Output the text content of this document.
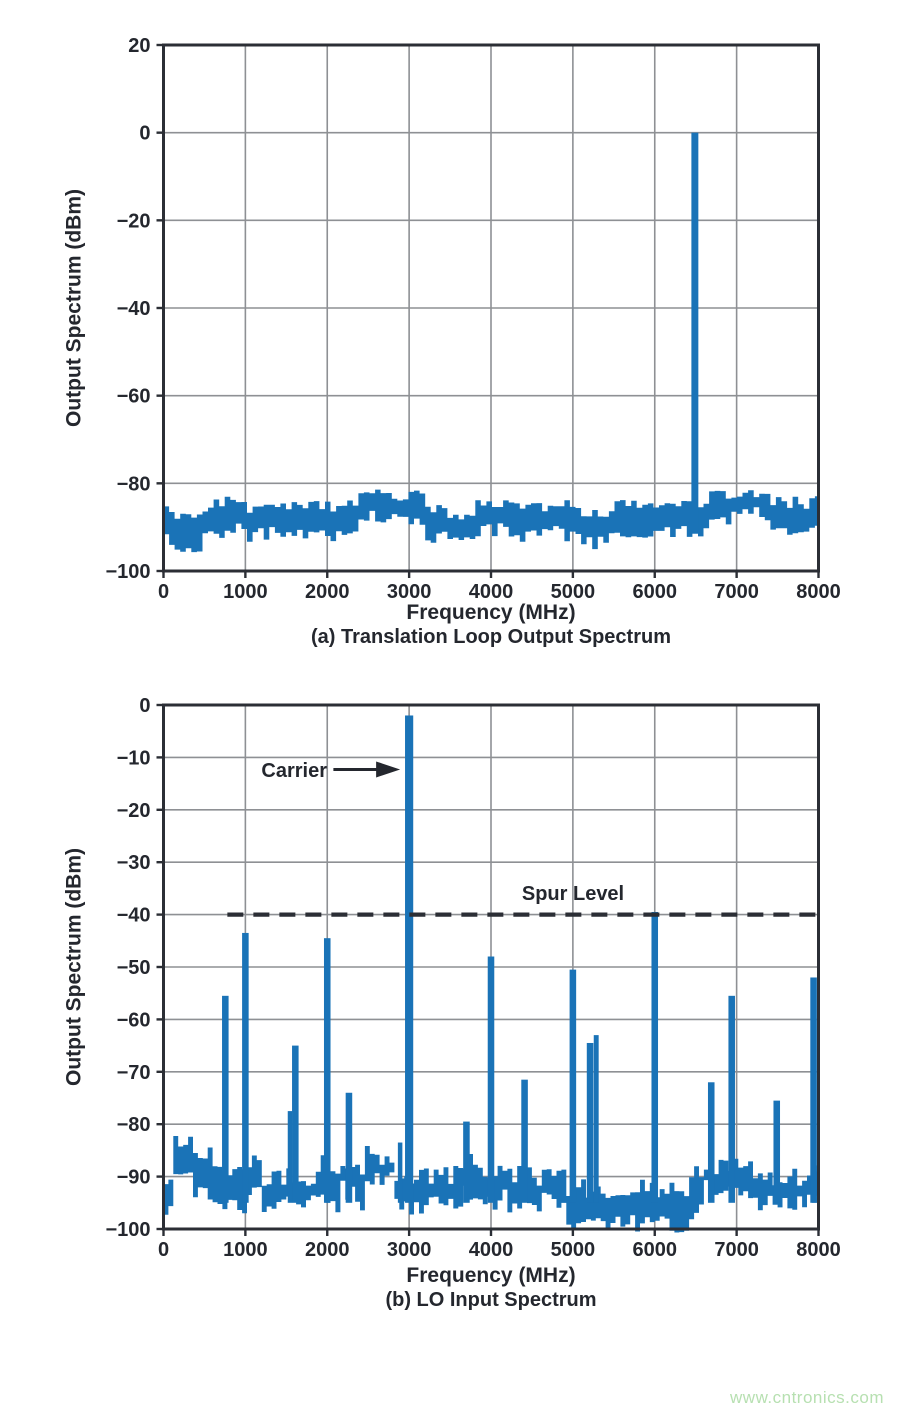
0	1000 2000 3000 4000 5000 6000 7000 8000
20
0
−20
−40
−60
−80
−100
0	1000 2000 3000 4000 5000 6000 7000 8000
0
−10
−20
−30
−40
−50
−60
−70
−80
−90
−100
Output Spectrum (dBm)
Frequency (MHz)
(a) Translation Loop Output Spectrum
Output Spectrum (dBm)
Frequency (MHz)
(b) LO Input Spectrum
Carrier
Spur Level
www.cntronics.com
